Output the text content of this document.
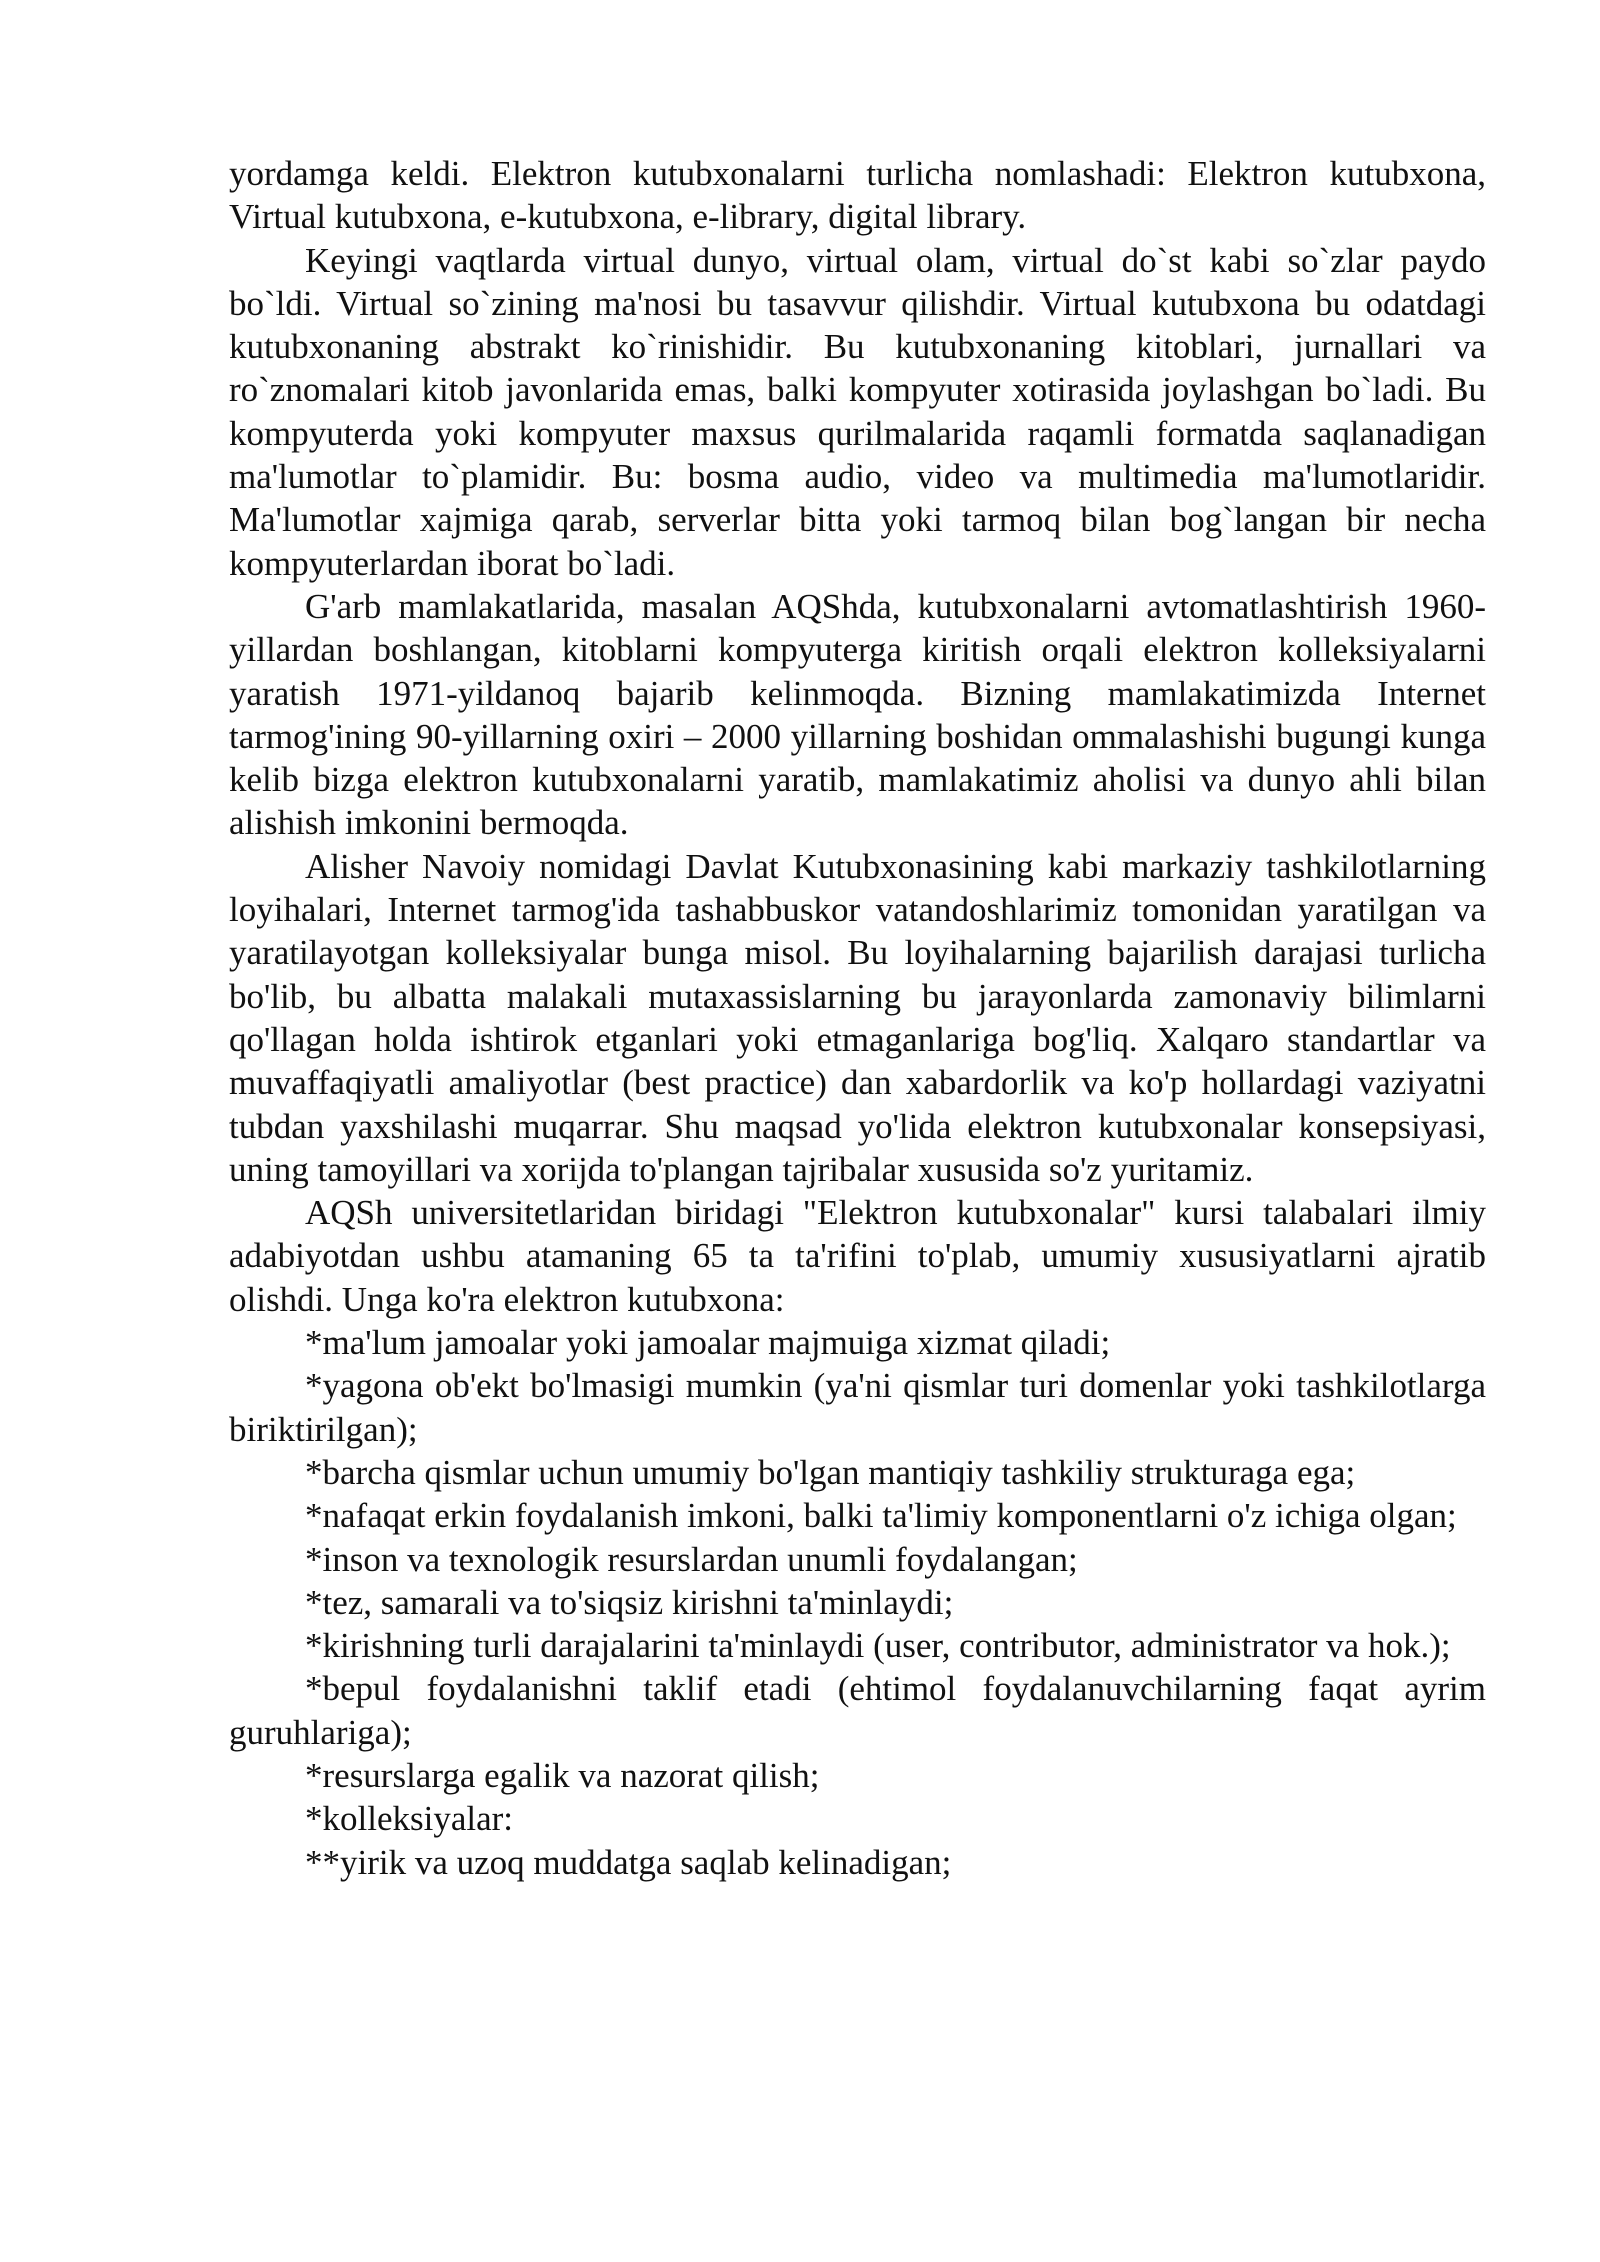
yordamga keldi. Elektron kutubxonalarni turlicha nomlashadi: Elektron kutubxona, Virtual kutubxona, e-kutubxona, e-library, digital library.

Keyingi vaqtlarda virtual dunyo, virtual olam, virtual do`st kabi so`zlar paydo bo`ldi. Virtual so`zining ma'nosi bu tasavvur qilishdir. Virtual kutubxona bu odatdagi kutubxonaning abstrakt ko`rinishidir. Bu kutubxonaning kitoblari, jurnallari va ro`znomalari kitob javonlarida emas, balki kompyuter xotirasida joylashgan bo`ladi. Bu kompyuterda yoki kompyuter maxsus qurilmalarida raqamli formatda saqlanadigan ma'lumotlar to`plamidir. Bu: bosma audio, video va multimedia ma'lumotlaridir. Ma'lumotlar xajmiga qarab, serverlar bitta yoki tarmoq bilan bog`langan bir necha kompyuterlardan iborat bo`ladi.

G'arb mamlakatlarida, masalan AQShda, kutubxonalarni avtomatlashtirish 1960-yillardan boshlangan, kitoblarni kompyuterga kiritish orqali elektron kolleksiyalarni yaratish 1971-yildanoq bajarib kelinmoqda. Bizning mamlakatimizda Internet tarmog'ining 90-yillarning oxiri – 2000 yillarning boshidan ommalashishi bugungi kunga kelib bizga elektron kutubxonalarni yaratib, mamlakatimiz aholisi va dunyo ahli bilan alishish imkonini bermoqda.

Alisher Navoiy nomidagi Davlat Kutubxonasining kabi markaziy tashkilotlarning loyihalari, Internet tarmog'ida tashabbuskor vatandoshlarimiz tomonidan yaratilgan va yaratilayotgan kolleksiyalar bunga misol. Bu loyihalarning bajarilish darajasi turlicha bo'lib, bu albatta malakali mutaxassislarning bu jarayonlarda zamonaviy bilimlarni qo'llagan holda ishtirok etganlari yoki etmaganlariga bog'liq. Xalqaro standartlar va muvaffaqiyatli amaliyotlar (best practice) dan xabardorlik va ko'p hollardagi vaziyatni tubdan yaxshilashi muqarrar. Shu maqsad yo'lida elektron kutubxonalar konsepsiyasi, uning tamoyillari va xorijda to'plangan tajribalar xususida so'z yuritamiz.

AQSh universitetlaridan biridagi "Elektron kutubxonalar" kursi talabalari ilmiy adabiyotdan ushbu atamaning 65 ta ta'rifini to'plab, umumiy xususiyatlarni ajratib olishdi. Unga ko'ra elektron kutubxona:

*ma'lum jamoalar yoki jamoalar majmuiga xizmat qiladi;

*yagona ob'ekt bo'lmasigi mumkin (ya'ni qismlar turi domenlar yoki tashkilotlarga biriktirilgan);

*barcha qismlar uchun umumiy bo'lgan mantiqiy tashkiliy strukturaga ega;

*nafaqat erkin foydalanish imkoni, balki ta'limiy komponentlarni o'z ichiga olgan;

*inson va texnologik resurslardan unumli foydalangan;

*tez, samarali va to'siqsiz kirishni ta'minlaydi;

*kirishning turli darajalarini ta'minlaydi (user, contributor, administrator va hok.);

*bepul foydalanishni taklif etadi (ehtimol foydalanuvchilarning faqat ayrim guruhlariga);

*resurslarga egalik va nazorat qilish;

*kolleksiyalar:

**yirik va uzoq muddatga saqlab kelinadigan;
